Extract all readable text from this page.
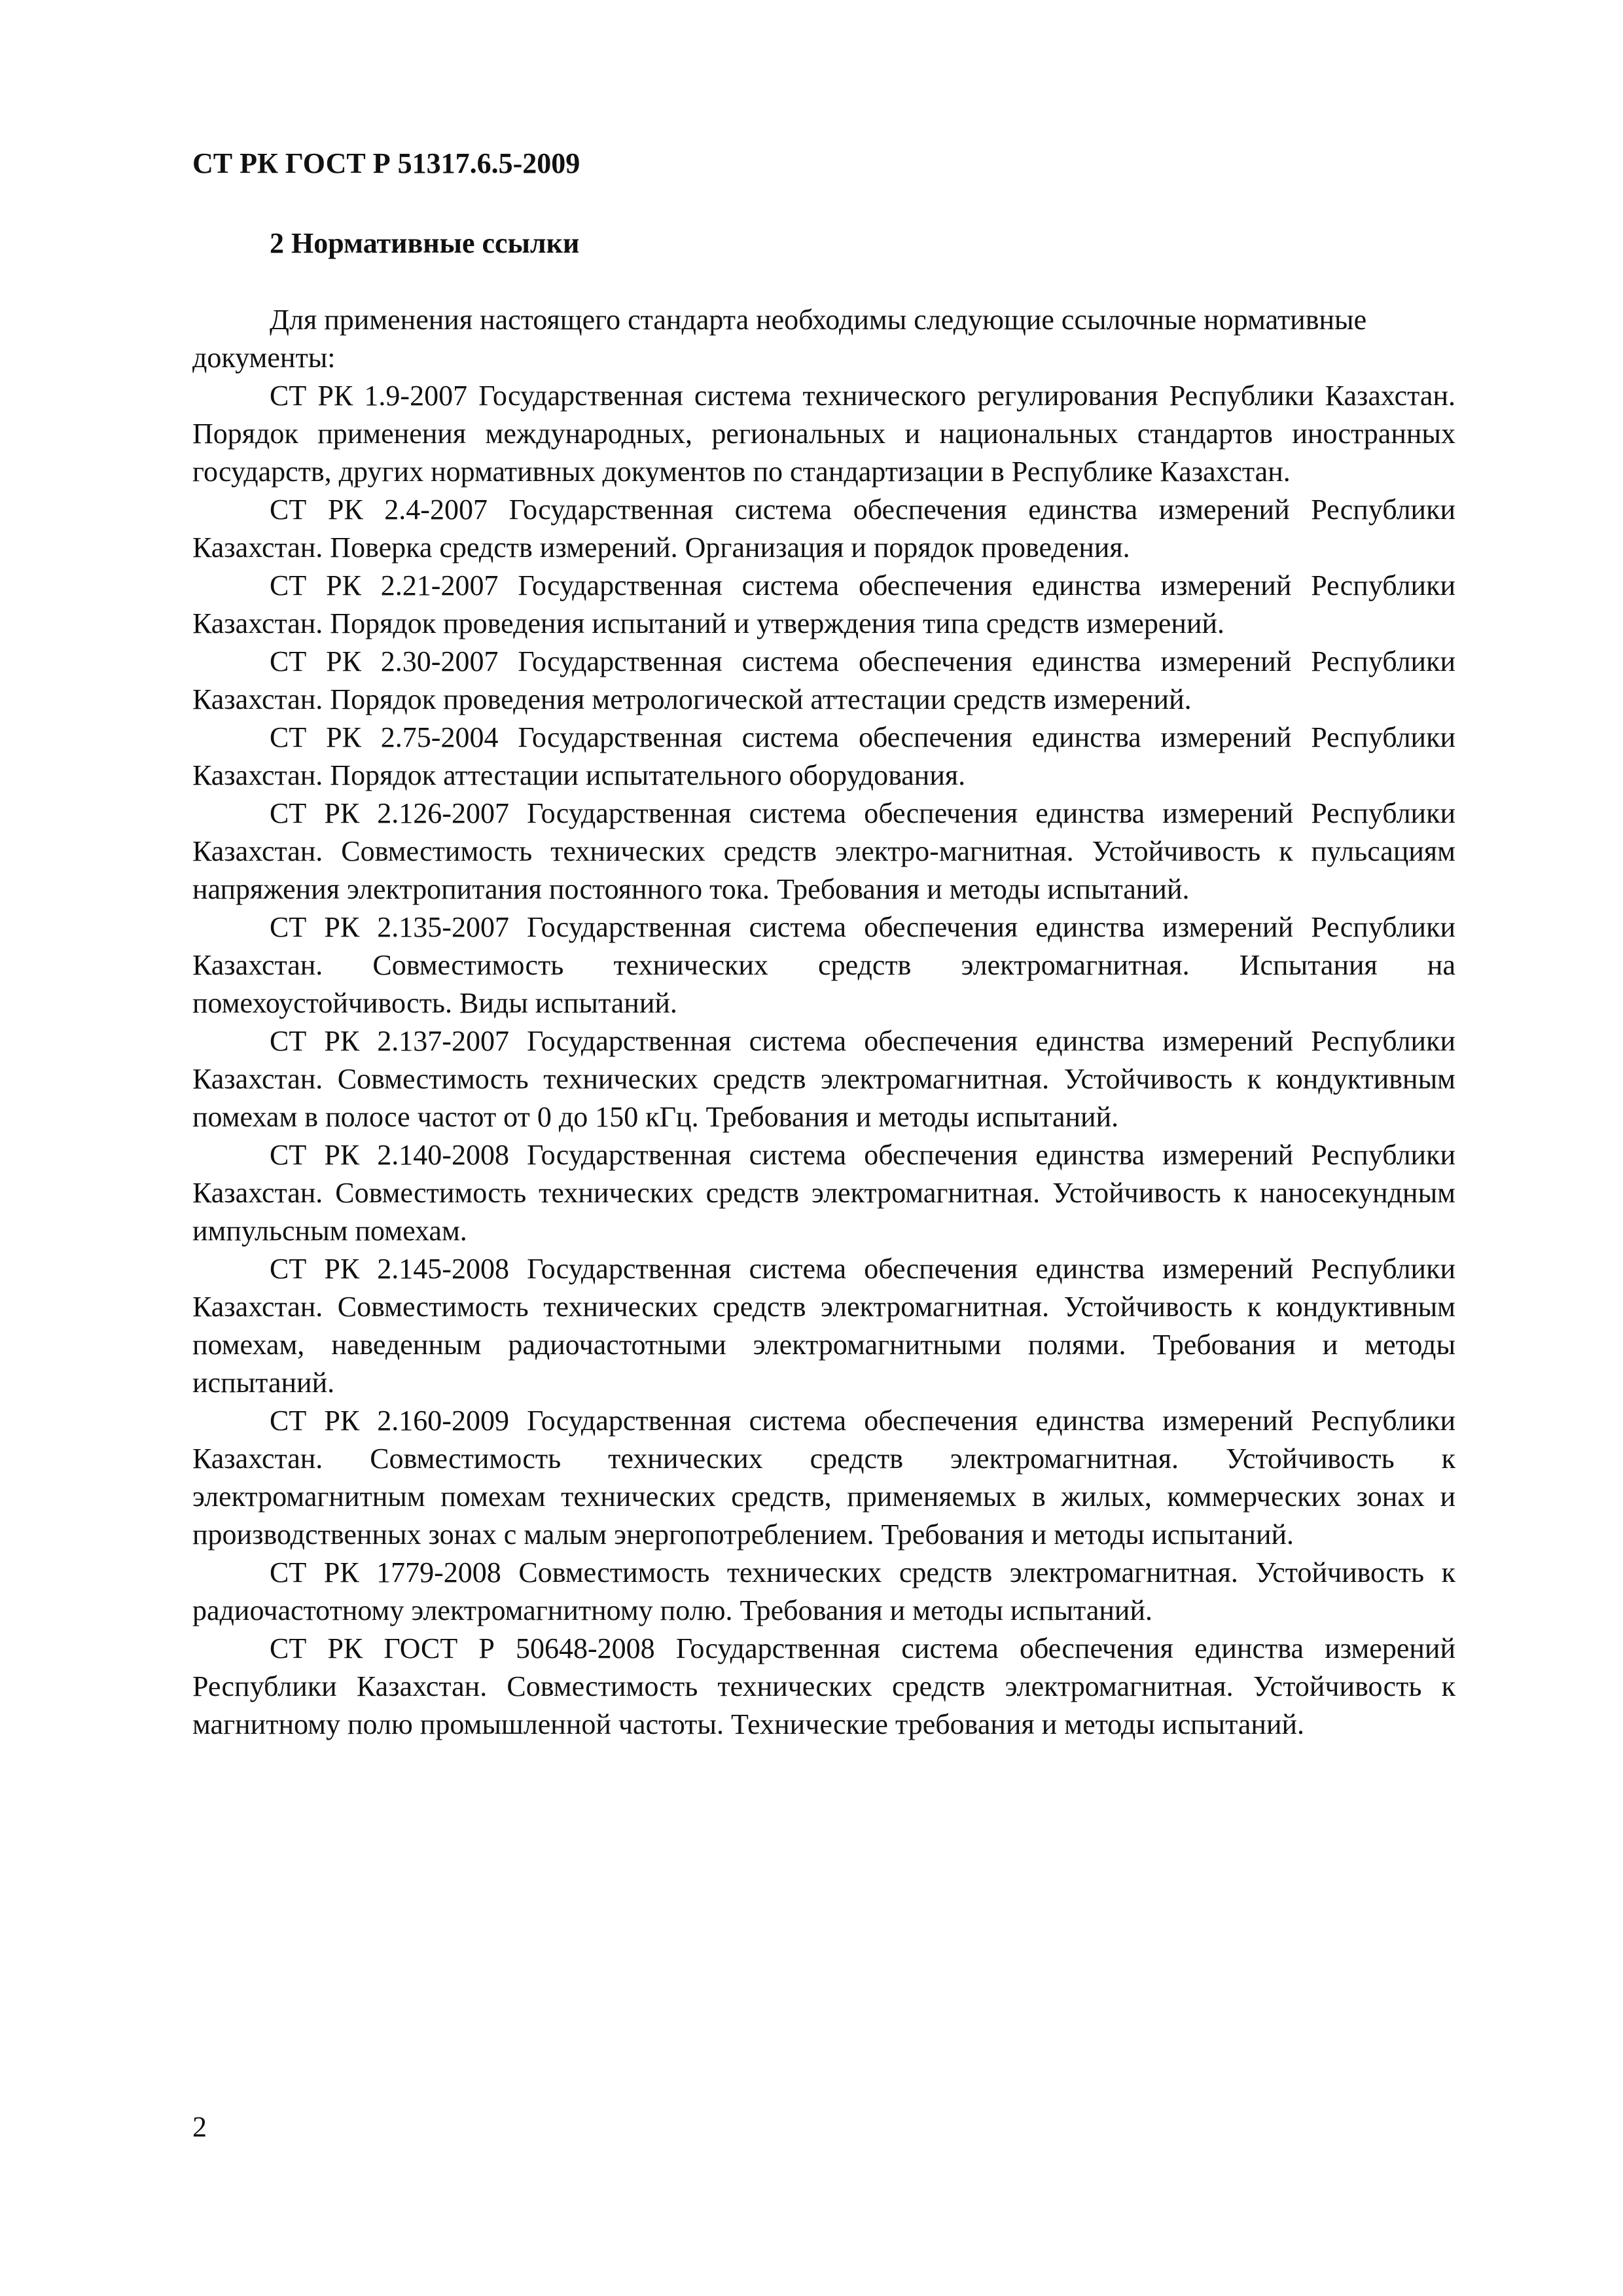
СТ РК ГОСТ Р 51317.6.5-2009
2 Нормативные ссылки

Для применения настоящего стандарта необходимы следующие ссылочные нормативные документы:

СТ РК 1.9-2007 Государственная система технического регулирования Республики Казахстан. Порядок применения международных, региональных и национальных стандартов иностранных государств, других нормативных документов по стандартизации в Республике Казахстан.

СТ РК 2.4-2007 Государственная система обеспечения единства измерений Республики Казахстан. Поверка средств измерений. Организация и порядок проведения.

СТ РК 2.21-2007 Государственная система обеспечения единства измерений Республики Казахстан. Порядок проведения испытаний и утверждения типа средств измерений.

СТ РК 2.30-2007 Государственная система обеспечения единства измерений Республики Казахстан. Порядок проведения метрологической аттестации средств измерений.

СТ РК 2.75-2004 Государственная система обеспечения единства измерений Республики Казахстан. Порядок аттестации испытательного оборудования.

СТ РК 2.126-2007 Государственная система обеспечения единства измерений Республики Казахстан. Совместимость технических средств электро-магнитная. Устойчивость к пульсациям напряжения электропитания постоянного тока. Требования и методы испытаний.

СТ РК 2.135-2007 Государственная система обеспечения единства измерений Республики Казахстан. Совместимость технических средств электромагнитная. Испытания на помехоустойчивость. Виды испытаний.

СТ РК 2.137-2007 Государственная система обеспечения единства измерений Республики Казахстан. Совместимость технических средств электромагнитная. Устойчивость к кондуктивным помехам в полосе частот от 0 до 150 кГц. Требования и методы испытаний.

СТ РК 2.140-2008 Государственная система обеспечения единства измерений Республики Казахстан. Совместимость технических средств электромагнитная. Устойчивость к наносекундным импульсным помехам.

СТ РК 2.145-2008 Государственная система обеспечения единства измерений Республики Казахстан. Совместимость технических средств электромагнитная. Устойчивость к кондуктивным помехам, наведенным радиочастотными электромагнитными полями. Требования и методы испытаний.

СТ РК 2.160-2009 Государственная система обеспечения единства измерений Республики Казахстан. Совместимость технических средств электромагнитная. Устойчивость к электромагнитным помехам технических средств, применяемых в жилых, коммерческих зонах и производственных зонах с малым энергопотреблением. Требования и методы испытаний.

СТ РК 1779-2008 Совместимость технических средств электромагнитная. Устойчивость к радиочастотному электромагнитному полю. Требования и методы испытаний.

СТ РК ГОСТ Р 50648-2008 Государственная система обеспечения единства измерений Республики Казахстан. Совместимость технических средств электромагнитная. Устойчивость к магнитному полю промышленной частоты. Технические требования и методы испытаний.

2
